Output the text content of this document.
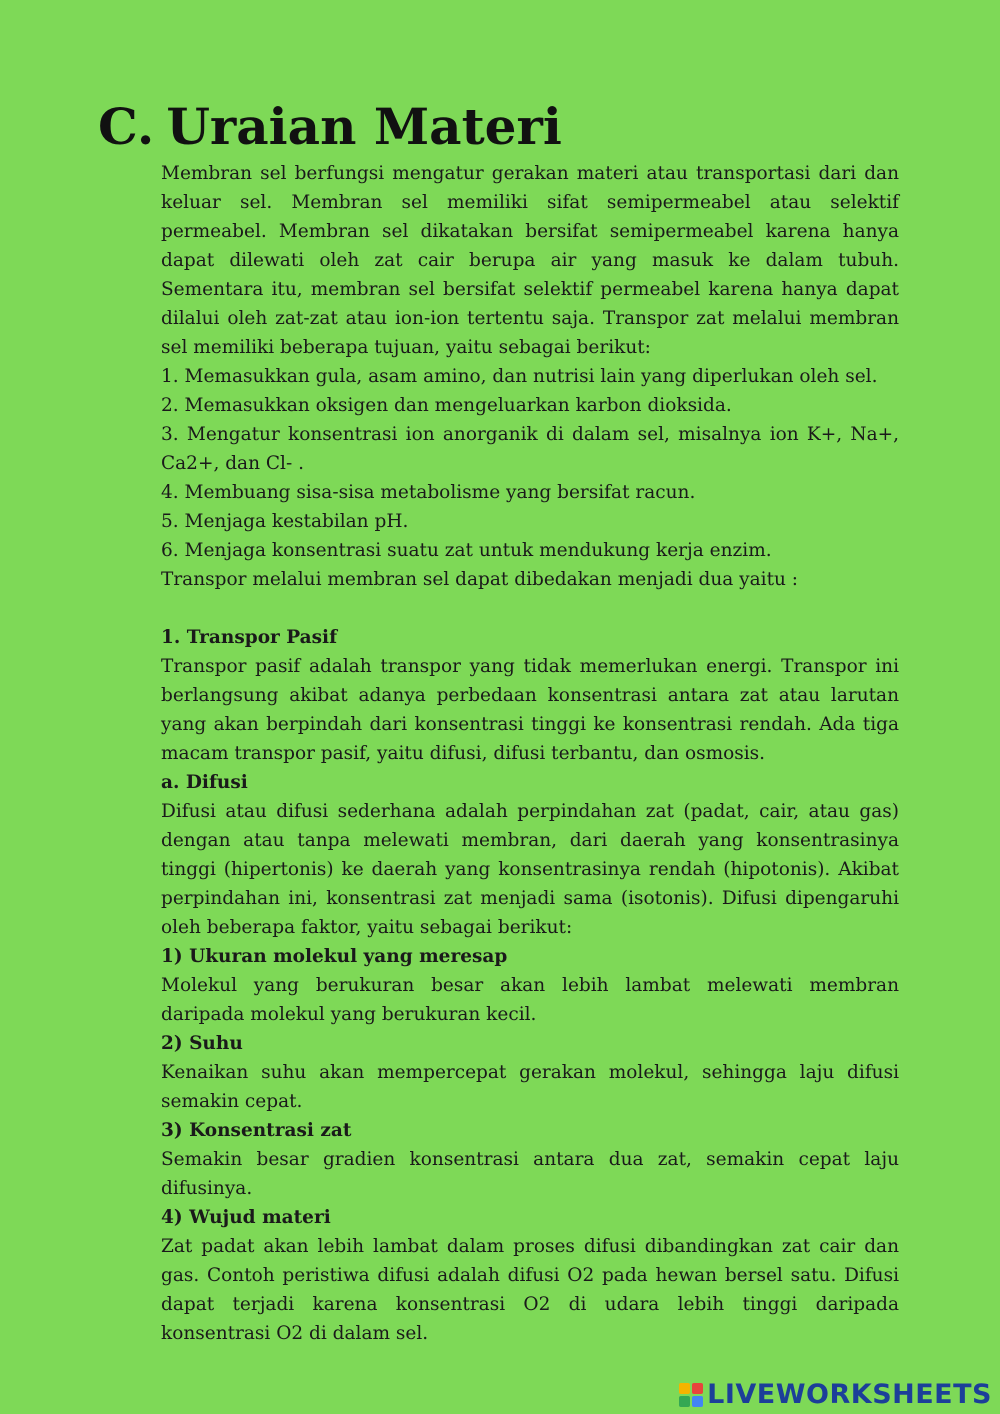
C. Uraian Materi

Membran sel berfungsi mengatur gerakan materi atau transportasi dari dan keluar sel. Membran sel memiliki sifat semipermeabel atau selektif permeabel. Membran sel dikatakan bersifat semipermeabel karena hanya dapat dilewati oleh zat cair berupa air yang masuk ke dalam tubuh. Sementara itu, membran sel bersifat selektif permeabel karena hanya dapat dilalui oleh zat-zat atau ion-ion tertentu saja. Transpor zat melalui membran sel memiliki beberapa tujuan, yaitu sebagai berikut:

1. Memasukkan gula, asam amino, dan nutrisi lain yang diperlukan oleh sel.

2. Memasukkan oksigen dan mengeluarkan karbon dioksida.

3. Mengatur konsentrasi ion anorganik di dalam sel, misalnya ion K+, Na+, Ca2+, dan Cl- .

4. Membuang sisa-sisa metabolisme yang bersifat racun.

5. Menjaga kestabilan pH.

6. Menjaga konsentrasi suatu zat untuk mendukung kerja enzim.

Transpor melalui membran sel dapat dibedakan menjadi dua yaitu :

1. Transpor Pasif

Transpor pasif adalah transpor yang tidak memerlukan energi. Transpor ini berlangsung akibat adanya perbedaan konsentrasi antara zat atau larutan yang akan berpindah dari konsentrasi tinggi ke konsentrasi rendah. Ada tiga macam transpor pasif, yaitu difusi, difusi terbantu, dan osmosis.

a. Difusi

Difusi atau difusi sederhana adalah perpindahan zat (padat, cair, atau gas) dengan atau tanpa melewati membran, dari daerah yang konsentrasinya tinggi (hipertonis) ke daerah yang konsentrasinya rendah (hipotonis). Akibat perpindahan ini, konsentrasi zat menjadi sama (isotonis). Difusi dipengaruhi oleh beberapa faktor, yaitu sebagai berikut:

1) Ukuran molekul yang meresap

Molekul yang berukuran besar akan lebih lambat melewati membran daripada molekul yang berukuran kecil.

2) Suhu

Kenaikan suhu akan mempercepat gerakan molekul, sehingga laju difusi semakin cepat.

3) Konsentrasi zat

Semakin besar gradien konsentrasi antara dua zat, semakin cepat laju difusinya.

4) Wujud materi

Zat padat akan lebih lambat dalam proses difusi dibandingkan zat cair dan gas. Contoh peristiwa difusi adalah difusi O2 pada hewan bersel satu. Difusi dapat terjadi karena konsentrasi O2 di udara lebih tinggi daripada konsentrasi O2 di dalam sel.

LIVEWORKSHEETS
